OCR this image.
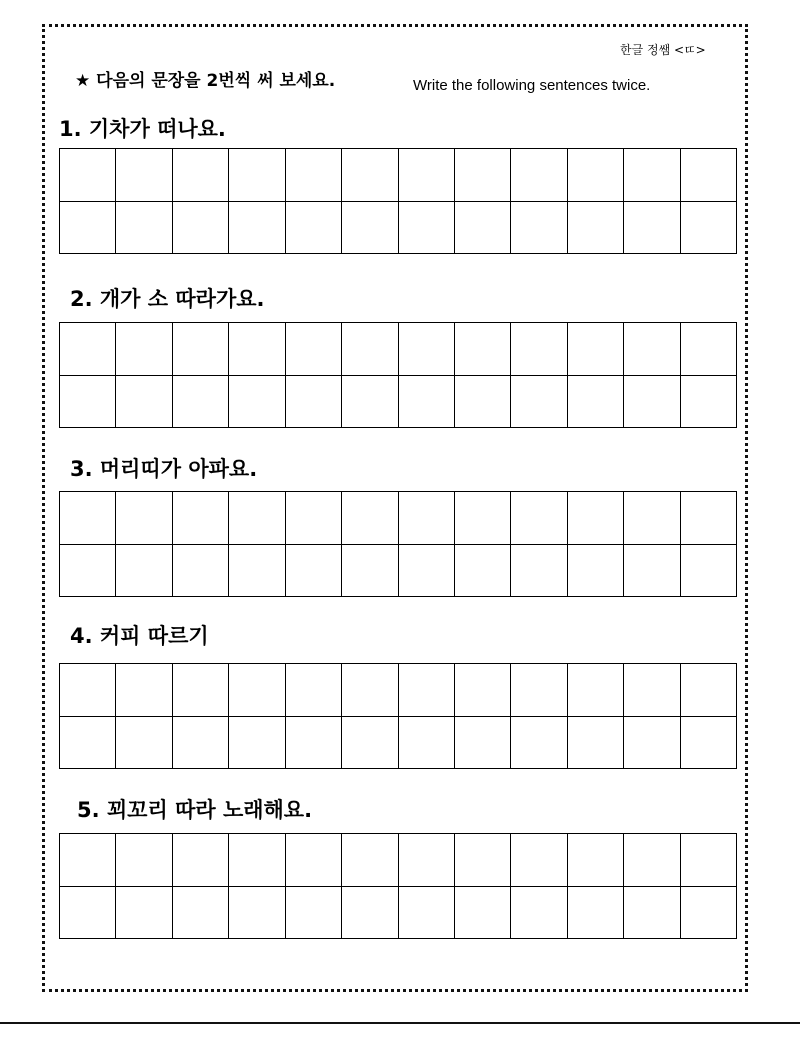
한글 정쌤 <ㄸ>
★ 다음의 문장을 2번씩 써 보세요.	Write the following sentences twice.
1. 기차가 떠나요.
2. 개가 소 따라가요.
3. 머리띠가 아파요.
4. 커피 따르기
5. 꾀꼬리 따라 노래해요.
